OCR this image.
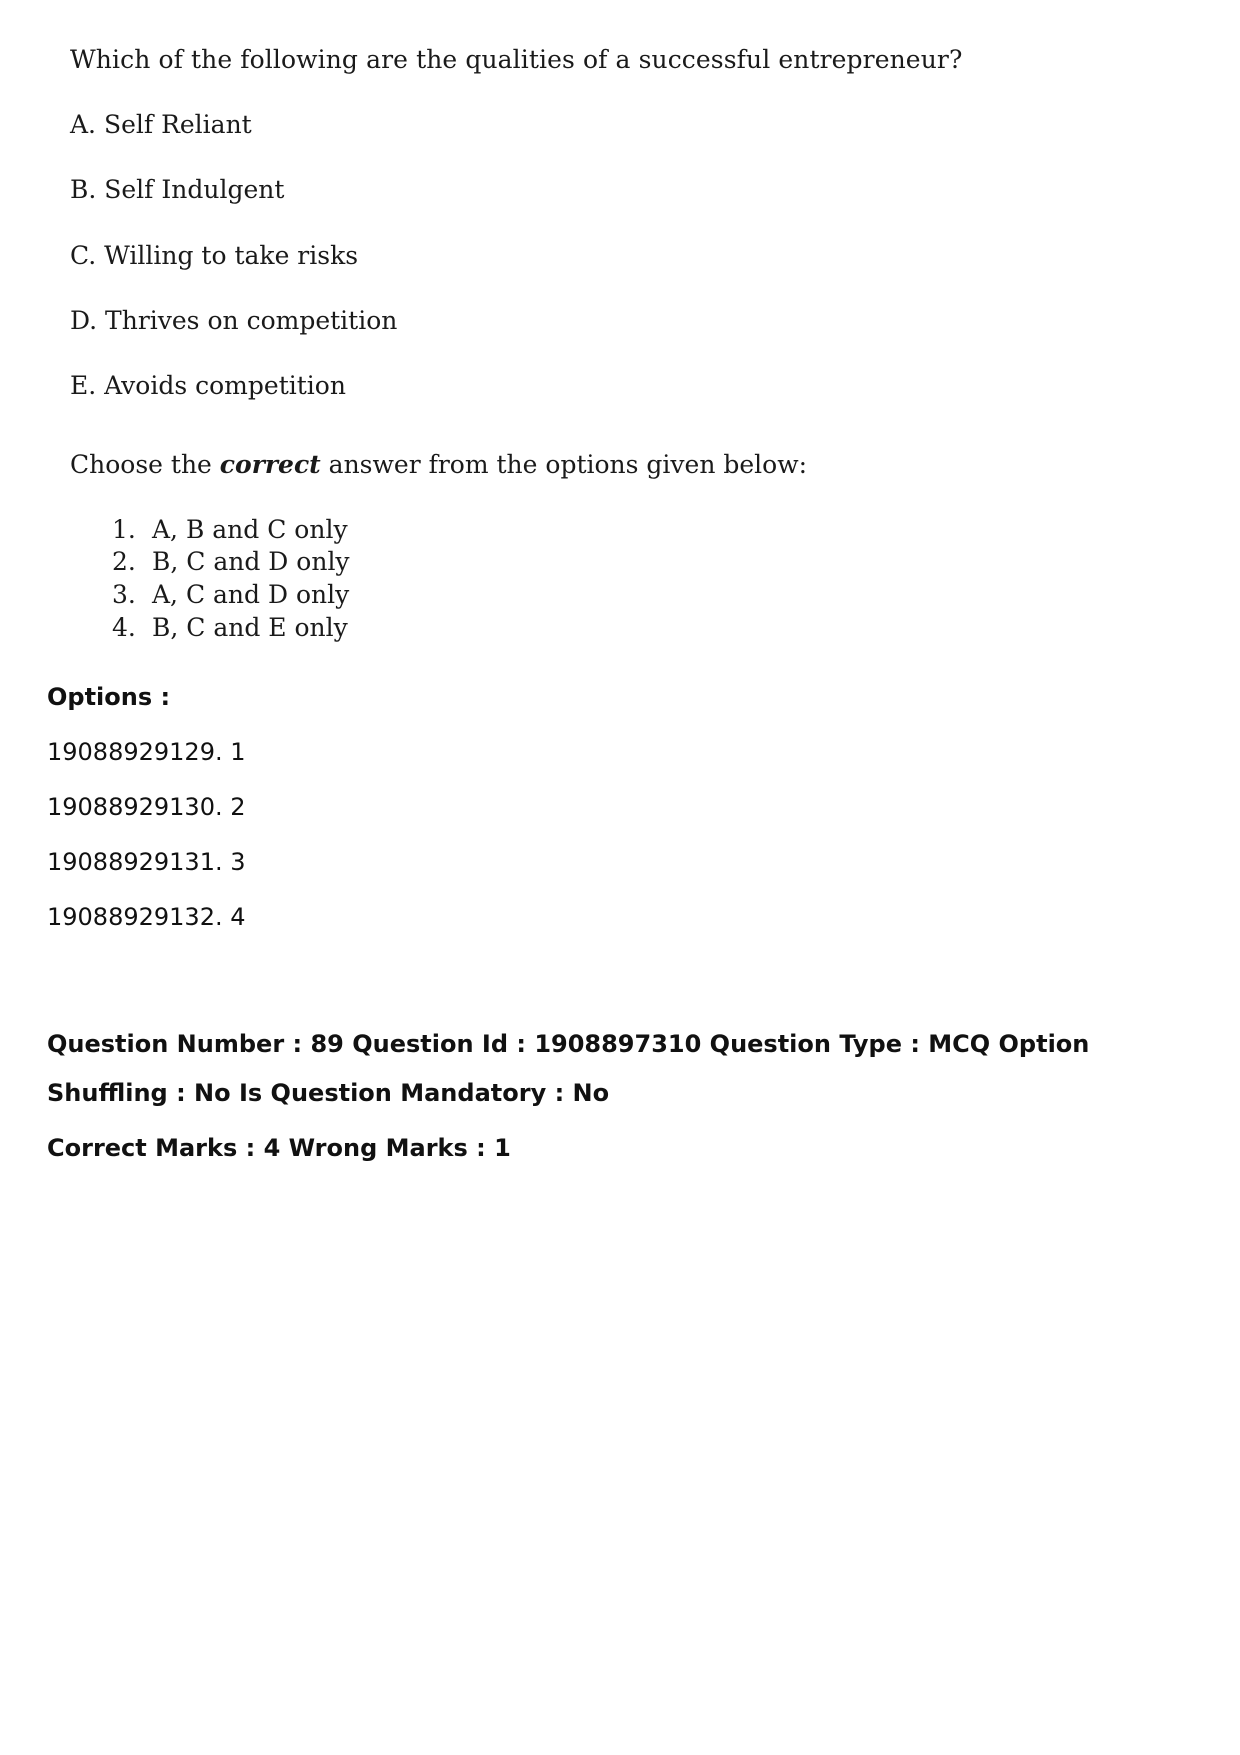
Which of the following are the qualities of a successful entrepreneur?
A. Self Reliant
B. Self Indulgent
C. Willing to take risks
D. Thrives on competition
E. Avoids competition
Choose the correct answer from the options given below:
1. A, B and C only
2. B, C and D only
3. A, C and D only
4. B, C and E only
Options :
19088929129. 1
19088929130. 2
19088929131. 3
19088929132. 4
Question Number : 89 Question Id : 1908897310 Question Type : MCQ Option Shuffling : No Is Question Mandatory : No
Correct Marks : 4 Wrong Marks : 1
